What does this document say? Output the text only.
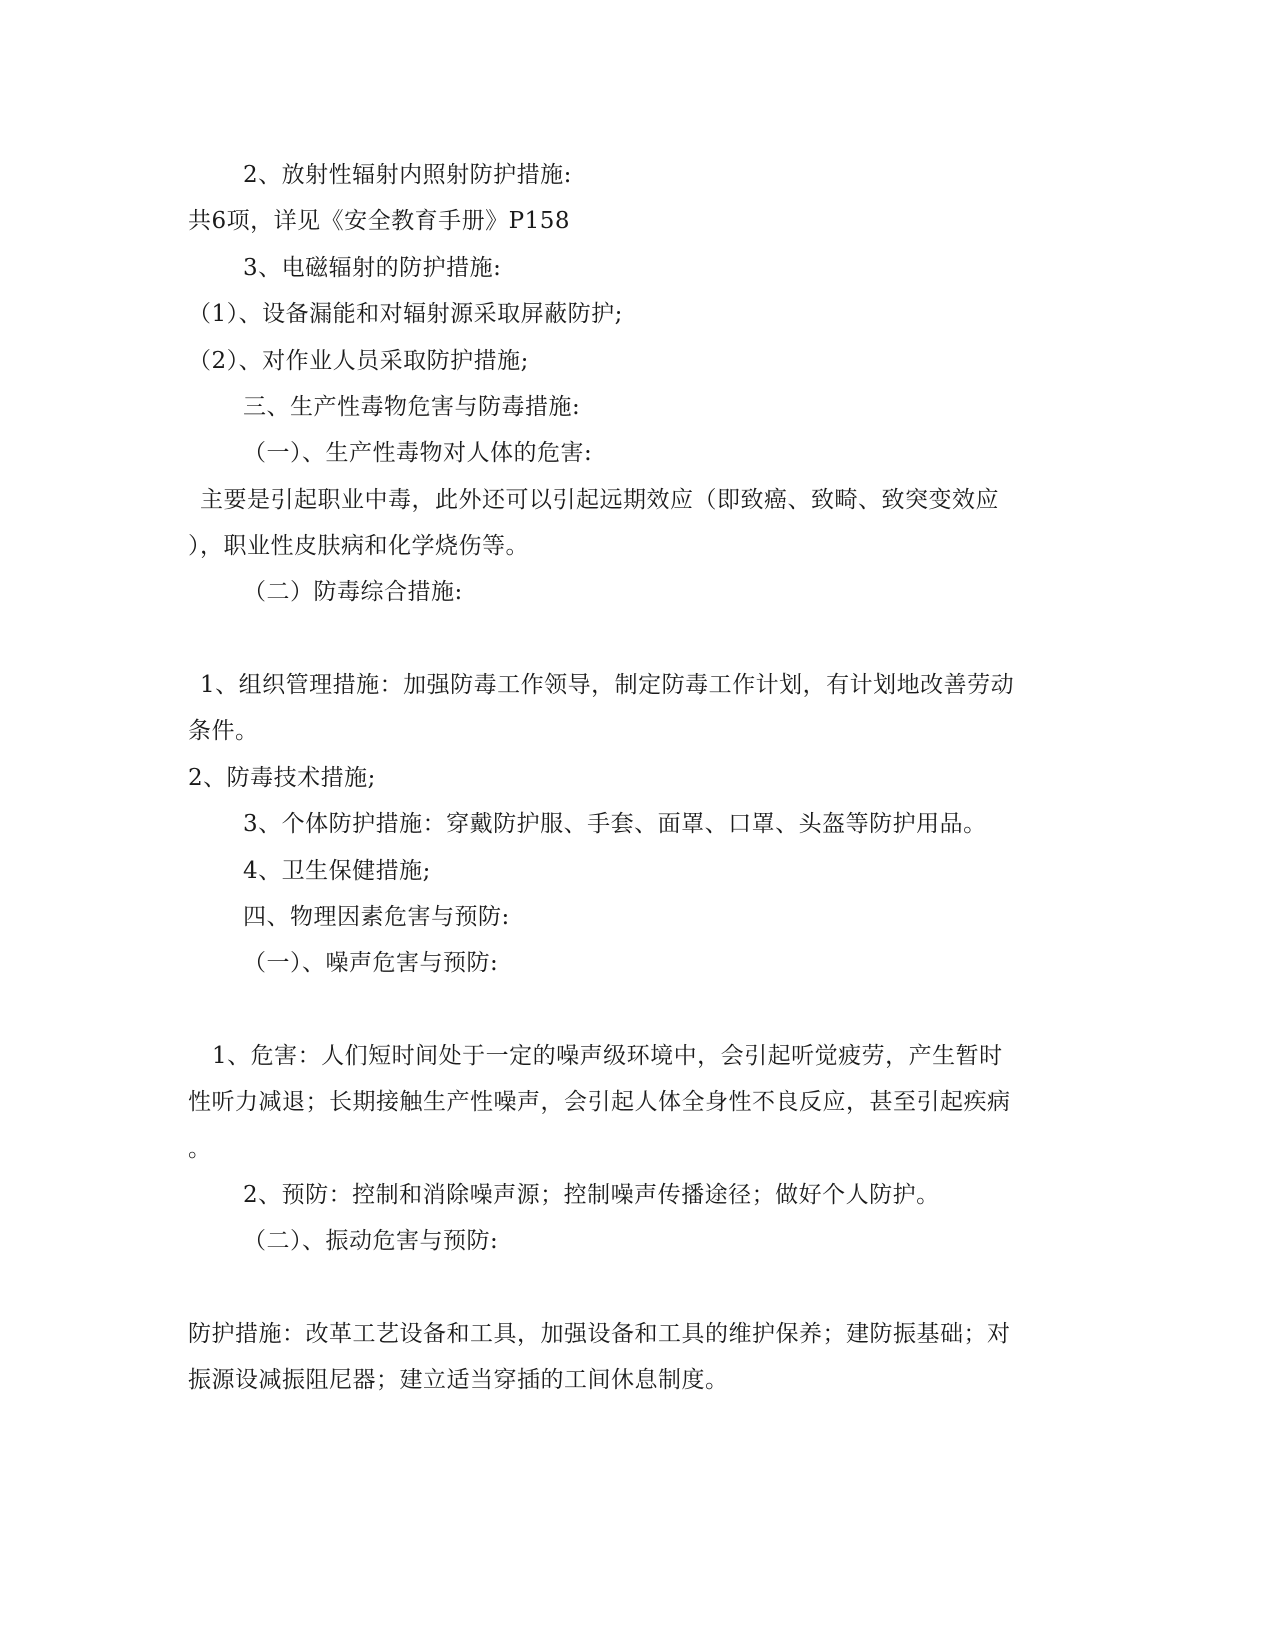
2、放射性辐射内照射防护措施:
共6项，详见《安全教育手册》P158
3、电磁辐射的防护措施:
（1）、设备漏能和对辐射源采取屏蔽防护;
（2）、对作业人员采取防护措施;
三、生产性毒物危害与防毒措施:
（一）、生产性毒物对人体的危害:
主要是引起职业中毒，此外还可以引起远期效应（即致癌、致畸、致突变效应
），职业性皮肤病和化学烧伤等。
（二）防毒综合措施:
1、组织管理措施：加强防毒工作领导，制定防毒工作计划，有计划地改善劳动
条件。
2、防毒技术措施;
3、个体防护措施：穿戴防护服、手套、面罩、口罩、头盔等防护用品。
4、卫生保健措施;
四、物理因素危害与预防:
（一）、噪声危害与预防:
1、危害：人们短时间处于一定的噪声级环境中，会引起听觉疲劳，产生暂时
性听力减退；长期接触生产性噪声，会引起人体全身性不良反应，甚至引起疾病
。
2、预防：控制和消除噪声源；控制噪声传播途径；做好个人防护。
（二）、振动危害与预防:
防护措施：改革工艺设备和工具，加强设备和工具的维护保养；建防振基础；对
振源设减振阻尼器；建立适当穿插的工间休息制度。
